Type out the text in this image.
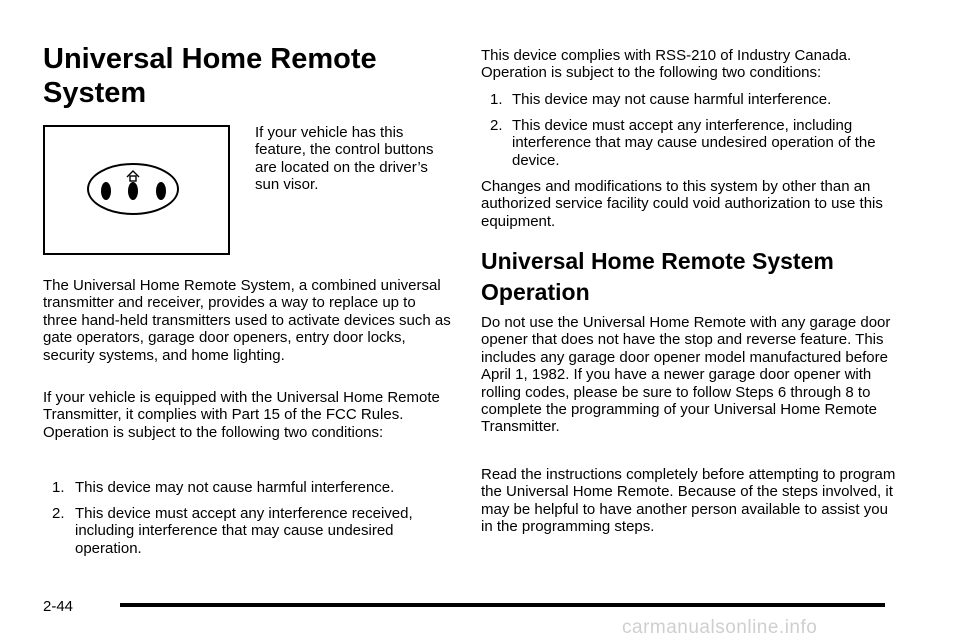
Universal Home Remote System

If your vehicle has this feature, the control buttons are located on the driver’s sun visor.

The Universal Home Remote System, a combined universal transmitter and receiver, provides a way to replace up to three hand-held transmitters used to activate devices such as gate operators, garage door openers, entry door locks, security systems, and home lighting.

If your vehicle is equipped with the Universal Home Remote Transmitter, it complies with Part 15 of the FCC Rules. Operation is subject to the following two conditions:

1. This device may not cause harmful interference.

2. This device must accept any interference received, including interference that may cause undesired operation.

This device complies with RSS-210 of Industry Canada. Operation is subject to the following two conditions:

1. This device may not cause harmful interference.

2. This device must accept any interference, including interference that may cause undesired operation of the device.

Changes and modifications to this system by other than an authorized service facility could void authorization to use this equipment.

Universal Home Remote System Operation

Do not use the Universal Home Remote with any garage door opener that does not have the stop and reverse feature. This includes any garage door opener model manufactured before April 1, 1982. If you have a newer garage door opener with rolling codes, please be sure to follow Steps 6 through 8 to complete the programming of your Universal Home Remote Transmitter.

Read the instructions completely before attempting to program the Universal Home Remote. Because of the steps involved, it may be helpful to have another person available to assist you in the programming steps.

2-44
carmanualsonline.info
